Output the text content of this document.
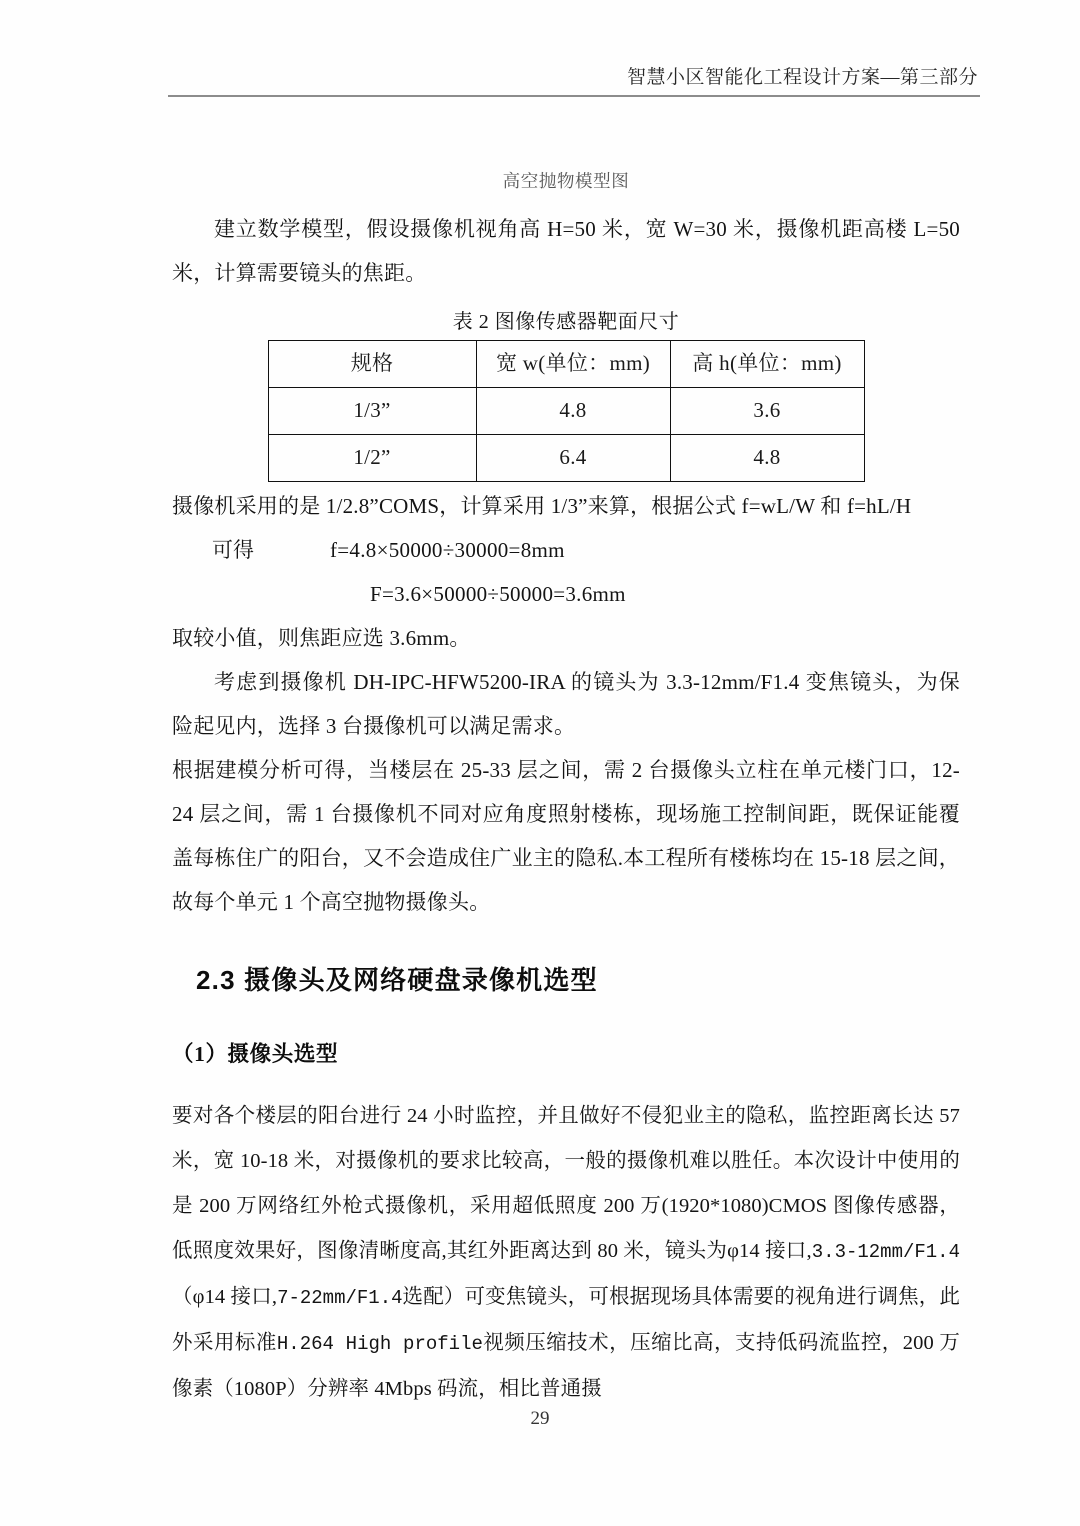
智慧小区智能化工程设计方案—第三部分
高空抛物模型图

建立数学模型，假设摄像机视角高 H=50 米，宽 W=30 米，摄像机距高楼 L=50 米，计算需要镜头的焦距。

表 2 图像传感器靶面尺寸
规格	宽 w(单位：mm)	高 h(单位：mm)
1/3”	4.8	3.6
1/2”	6.4	4.8

摄像机采用的是 1/2.8”COMS，计算采用 1/3”来算，根据公式 f=wL/W 和 f=hL/H

可得	f=4.8×50000÷30000=8mm
F=3.6×50000÷50000=3.6mm

取较小值，则焦距应选 3.6mm。

考虑到摄像机 DH-IPC-HFW5200-IRA 的镜头为 3.3-12mm/F1.4 变焦镜头，为保险起见内，选择 3 台摄像机可以满足需求。

根据建模分析可得，当楼层在 25-33 层之间，需 2 台摄像头立柱在单元楼门口，12-24 层之间，需 1 台摄像机不同对应角度照射楼栋，现场施工控制间距，既保证能覆盖每栋住广的阳台，又不会造成住广业主的隐私.本工程所有楼栋均在 15-18 层之间，故每个单元 1 个高空抛物摄像头。

2.3 摄像头及网络硬盘录像机选型
（1）摄像头选型

要对各个楼层的阳台进行 24 小时监控，并且做好不侵犯业主的隐私，监控距离长达 57 米，宽 10-18 米，对摄像机的要求比较高，一般的摄像机难以胜任。本次设计中使用的是 200 万网络红外枪式摄像机，采用超低照度 200 万(1920*1080)CMOS 图像传感器，低照度效果好，图像清晰度高,其红外距离达到 80 米，镜头为φ14 接口,3.3-12mm/F1.4（φ14 接口,7-22mm/F1.4选配）可变焦镜头，可根据现场具体需要的视角进行调焦，此外采用标准H.264 High profile视频压缩技术，压缩比高，支持低码流监控，200 万像素（1080P）分辨率 4Mbps 码流，相比普通摄

29
